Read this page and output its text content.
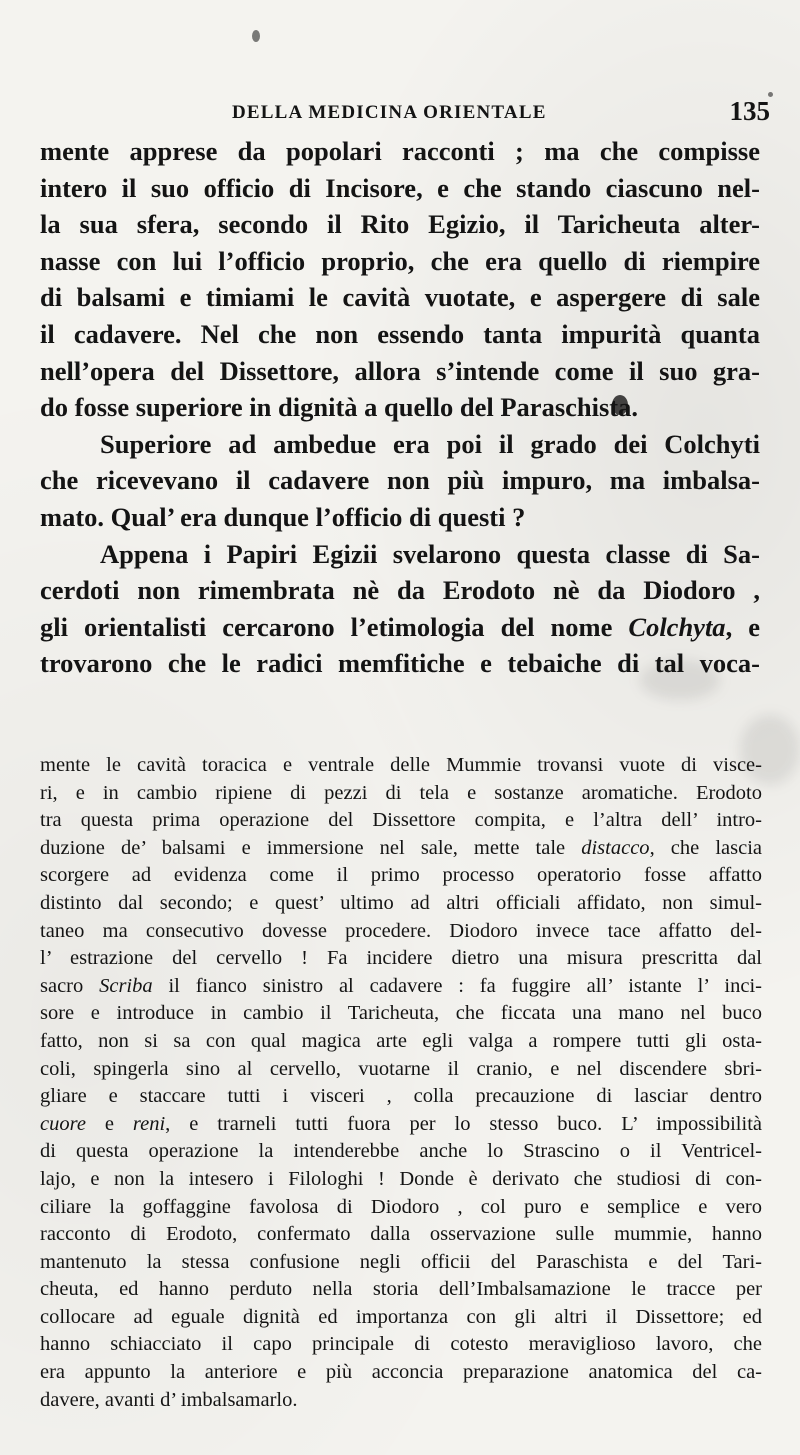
DELLA MEDICINA ORIENTALE	135
mente apprese da popolari racconti ; ma che compisse
intero il suo officio di Incisore, e che stando ciascuno nel-
la sua sfera, secondo il Rito Egizio, il Taricheuta alter-
nasse con lui l’officio proprio, che era quello di riempire
di balsami e timiami le cavità vuotate, e aspergere di sale
il cadavere. Nel che non essendo tanta impurità quanta
nell’opera del Dissettore, allora s’intende come il suo gra-
do fosse superiore in dignità a quello del Paraschista.
Superiore ad ambedue era poi il grado dei Colchyti
che ricevevano il cadavere non più impuro, ma imbalsa-
mato. Qual’ era dunque l’officio di questi ?
Appena i Papiri Egizii svelarono questa classe di Sa-
cerdoti non rimembrata nè da Erodoto nè da Diodoro ,
gli orientalisti cercarono l’etimologia del nome Colchyta, e
trovarono che le radici memfitiche e tebaiche di tal voca-
mente le cavità toracica e ventrale delle Mummie trovansi vuote di visce-
ri, e in cambio ripiene di pezzi di tela e sostanze aromatiche. Erodoto
tra questa prima operazione del Dissettore compita, e l’altra dell’ intro-
duzione de’ balsami e immersione nel sale, mette tale distacco, che lascia
scorgere ad evidenza come il primo processo operatorio fosse affatto
distinto dal secondo; e quest’ ultimo ad altri officiali affidato, non simul-
taneo ma consecutivo dovesse procedere. Diodoro invece tace affatto del-
l’ estrazione del cervello ! Fa incidere dietro una misura prescritta dal
sacro Scriba il fianco sinistro al cadavere : fa fuggire all’ istante l’ inci-
sore e introduce in cambio il Taricheuta, che ficcata una mano nel buco
fatto, non si sa con qual magica arte egli valga a rompere tutti gli osta-
coli, spingerla sino al cervello, vuotarne il cranio, e nel discendere sbri-
gliare e staccare tutti i visceri , colla precauzione di lasciar dentro
cuore e reni, e trarneli tutti fuora per lo stesso buco. L’ impossibilità
di questa operazione la intenderebbe anche lo Strascino o il Ventricel-
lajo, e non la intesero i Filologhi ! Donde è derivato che studiosi di con-
ciliare la goffaggine favolosa di Diodoro , col puro e semplice e vero
racconto di Erodoto, confermato dalla osservazione sulle mummie, hanno
mantenuto la stessa confusione negli officii del Paraschista e del Tari-
cheuta, ed hanno perduto nella storia dell’Imbalsamazione le tracce per
collocare ad eguale dignità ed importanza con gli altri il Dissettore; ed
hanno schiacciato il capo principale di cotesto meraviglioso lavoro, che
era appunto la anteriore e più acconcia preparazione anatomica del ca-
davere, avanti d’ imbalsamarlo.
